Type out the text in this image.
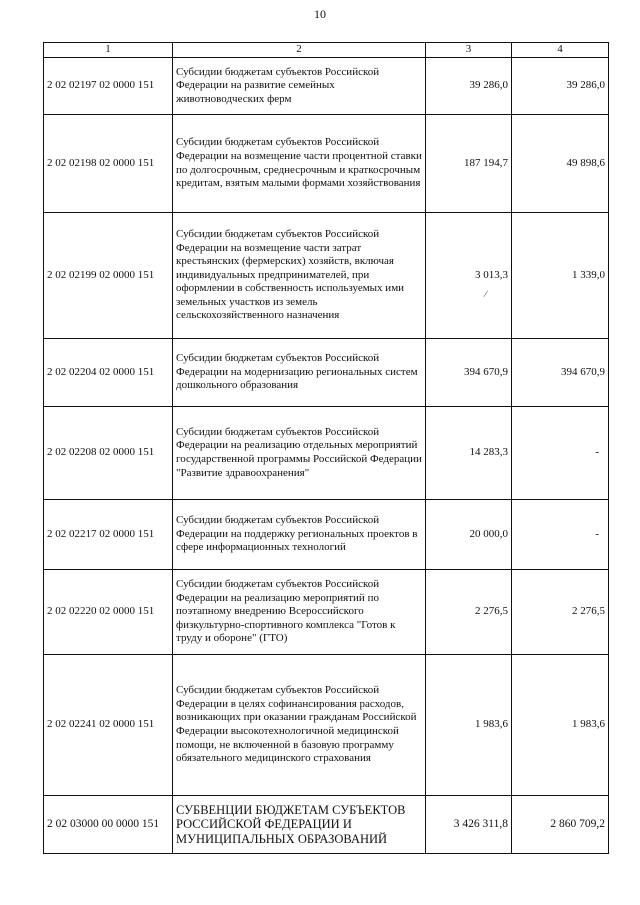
10
1	2	3	4
2 02 02197 02 0000 151	Субсидии бюджетам субъектов Российской Федерации на развитие семейных животноводческих ферм	39 286,0	39 286,0
2 02 02198 02 0000 151	Субсидии бюджетам субъектов Российской Федерации на возмещение части процентной ставки по долгосрочным, среднесрочным и краткосрочным кредитам, взятым малыми формами хозяйствования	187 194,7	49 898,6
2 02 02199 02 0000 151	Субсидии бюджетам субъектов Российской Федерации на возмещение части затрат крестьянских (фермерских) хозяйств, включая индивидуальных предпринимателей, при оформлении в собственность используемых ими земельных участков из земель сельскохозяйственного назначения	3 013,3	1 339,0
2 02 02204 02 0000 151	Субсидии бюджетам субъектов Российской Федерации на модернизацию региональных систем дошкольного образования	394 670,9	394 670,9
2 02 02208 02 0000 151	Субсидии бюджетам субъектов Российской Федерации на реализацию отдельных мероприятий государственной программы Российской Федерации "Развитие здравоохранения"	14 283,3	-
2 02 02217 02 0000 151	Субсидии бюджетам субъектов Российской Федерации на поддержку региональных проектов в сфере информационных технологий	20 000,0	-
2 02 02220 02 0000 151	Субсидии бюджетам субъектов Российской Федерации на реализацию мероприятий по поэтапному внедрению Всероссийского физкультурно-спортивного комплекса "Готов к труду и обороне" (ГТО)	2 276,5	2 276,5
2 02 02241 02 0000 151	Субсидии бюджетам субъектов Российской Федерации в целях софинансирования расходов, возникающих при оказании гражданам Российской Федерации высокотехнологичной медицинской помощи, не включенной в базовую программу обязательного медицинского страхования	1 983,6	1 983,6
2 02 03000 00 0000 151	СУБВЕНЦИИ БЮДЖЕТАМ СУБЪЕКТОВ РОССИЙСКОЙ ФЕДЕРАЦИИ И МУНИЦИПАЛЬНЫХ ОБРАЗОВАНИЙ	3 426 311,8	2 860 709,2
⁄
